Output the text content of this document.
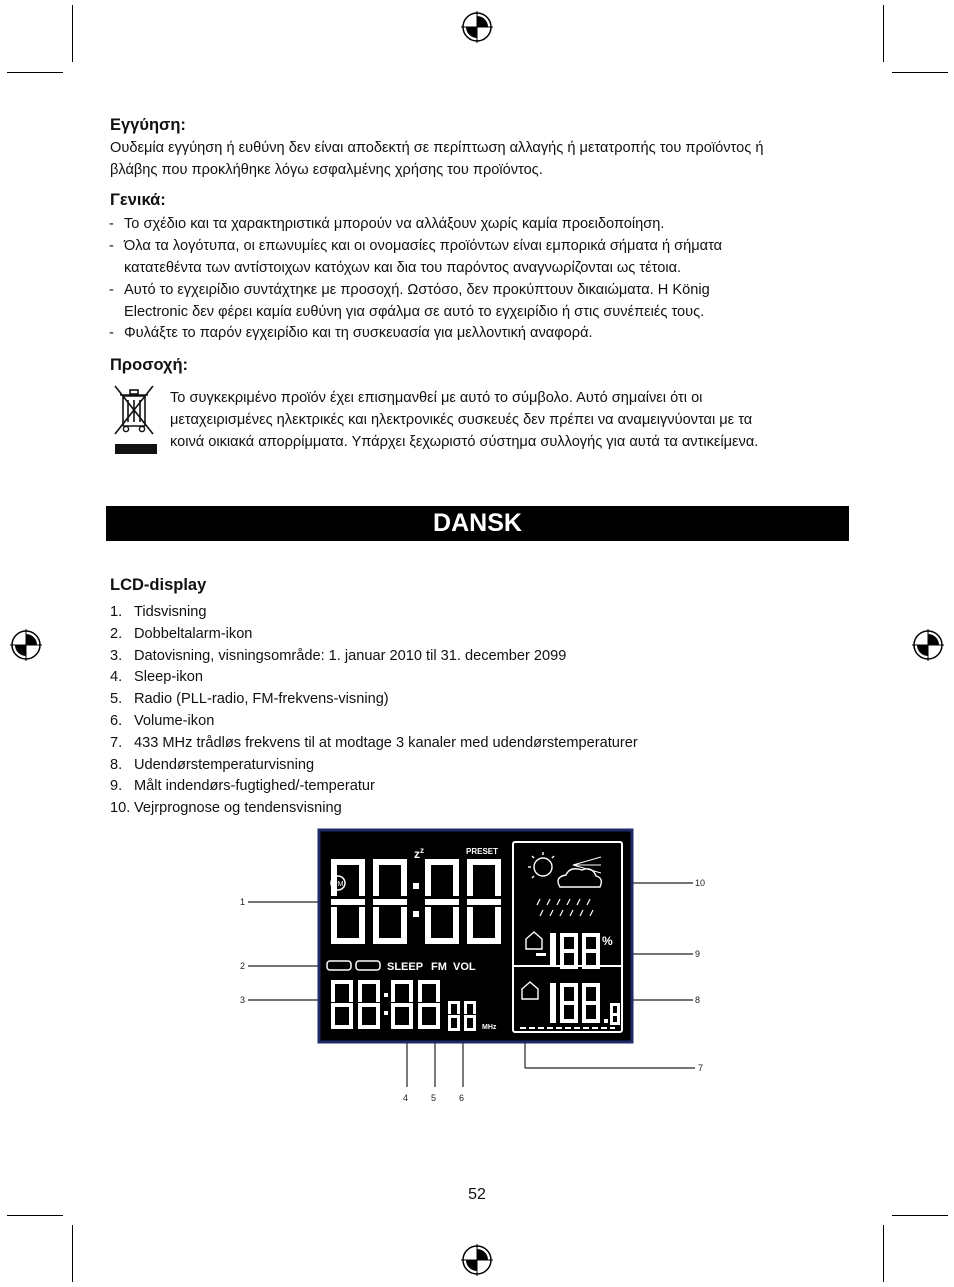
Εγγύηση:

Ουδεμία εγγύηση ή ευθύνη δεν είναι αποδεκτή σε περίπτωση αλλαγής ή μετατροπής του προϊόντος ή

βλάβης που προκλήθηκε λόγω εσφαλμένης χρήσης του προϊόντος.

Γενικά:
- Το σχέδιο και τα χαρακτηριστικά μπορούν να αλλάξουν χωρίς καμία προειδοποίηση.
- Όλα τα λογότυπα, οι επωνυμίες και οι ονομασίες προϊόντων είναι εμπορικά σήματα ή σήματα
κατατεθέντα των αντίστοιχων κατόχων και δια του παρόντος αναγνωρίζονται ως τέτοια.
- Αυτό το εγχειρίδιο συντάχτηκε με προσοχή. Ωστόσο, δεν προκύπτουν δικαιώματα. Η König
Electronic δεν φέρει καμία ευθύνη για σφάλμα σε αυτό το εγχειρίδιο ή στις συνέπειές τους.
- Φυλάξτε το παρόν εγχειρίδιο και τη συσκευασία για μελλοντική αναφορά.
Προσοχή:

Το συγκεκριμένο προϊόν έχει επισημανθεί με αυτό το σύμβολο. Αυτό σημαίνει ότι οι

μεταχειρισμένες ηλεκτρικές και ηλεκτρονικές συσκευές δεν πρέπει να αναμειγνύονται με τα

κοινά οικιακά απορρίμματα. Υπάρχει ξεχωριστό σύστημα συλλογής για αυτά τα αντικείμενα.

DANSK
LCD-display
1. Tidsvisning
2. Dobbeltalarm-ikon
3. Datovisning, visningsområde: 1. januar 2010 til 31. december 2099
4. Sleep-ikon
5. Radio (PLL-radio, FM-frekvens-visning)
6. Volume-ikon
7. 433 MHz trådløs frekvens til at modtage 3 kanaler med udendørstemperaturer
8. Udendørstemperaturvisning
9. Målt indendørs-fugtighed/-temperatur
10. Vejrprognose og tendensvisning
1
2
3
4	5	6
7
8
9
10
PM
$z^z$	PRESET
SLEEP FM VOL
MHz
%
52
